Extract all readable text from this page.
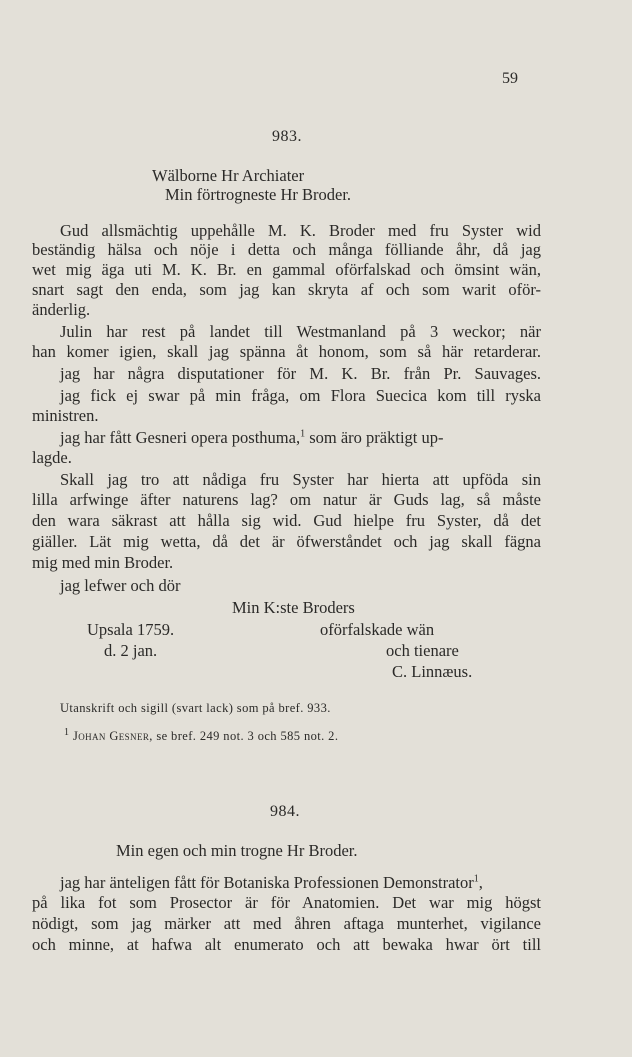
59
983.
Wälborne Hr Archiater
Min förtrogneste Hr Broder.
Gud allsmächtig uppehålle M. K. Broder med fru Syster wid
beständig hälsa och nöje i detta och många fölliande åhr, då jag
wet mig äga uti M. K. Br. en gammal oförfalskad och ömsint wän,
snart sagt den enda, som jag kan skryta af och som warit oför-
änderlig.
Julin har rest på landet till Westmanland på 3 weckor; när
han komer igien, skall jag spänna åt honom, som så här retarderar.
jag har några disputationer för M. K. Br. från Pr. Sauvages.
jag fick ej swar på min fråga, om Flora Suecica kom till ryska
ministren.
jag har fått Gesneri opera posthuma,$^1$ som äro präktigt up-
lagde.
Skall jag tro att nådiga fru Syster har hierta att upföda sin
lilla arfwinge äfter naturens lag? om natur är Guds lag, så måste
den wara säkrast att hålla sig wid. Gud hielpe fru Syster, då det
giäller. Lät mig wetta, då det är öfwerståndet och jag skall fägna
mig med min Broder.
jag lefwer och dör
Min K:ste Broders
Upsala 1759.	oförfalskade wän
d. 2 jan.	och tienare
C. Linnæus.
Utanskrift och sigill (svart lack) som på bref. 933.
$^1$ Johan Gesner, se bref. 249 not. 3 och 585 not. 2.
984.
Min egen och min trogne Hr Broder.
jag har änteligen fått för Botaniska Professionen Demonstrator$^1$,
på lika fot som Prosector är för Anatomien. Det war mig högst
nödigt, som jag märker att med åhren aftaga munterhet, vigilance
och minne, at hafwa alt enumerato och att bewaka hwar ört till
